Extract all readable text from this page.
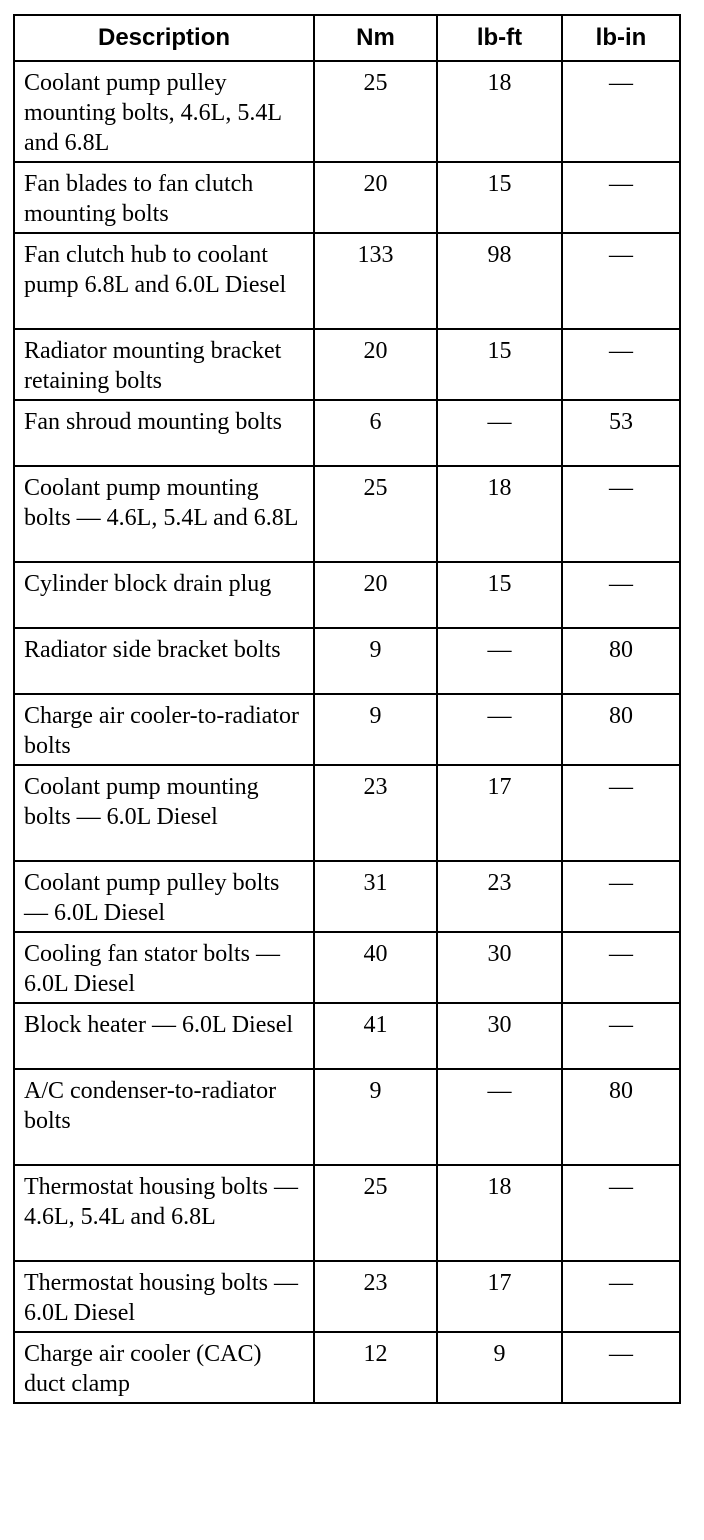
Description	Nm	lb-ft	lb-in
Coolant pump pulley mounting bolts, 4.6L, 5.4L and 6.8L	25	18	—
Fan blades to fan clutch mounting bolts	20	15	—
Fan clutch hub to coolant pump 6.8L and 6.0L Diesel	133	98	—
Radiator mounting bracket retaining bolts	20	15	—
Fan shroud mounting bolts	6	—	53
Coolant pump mounting bolts — 4.6L, 5.4L and 6.8L	25	18	—
Cylinder block drain plug	20	15	—
Radiator side bracket bolts	9	—	80
Charge air cooler-to-radiator bolts	9	—	80
Coolant pump mounting bolts — 6.0L Diesel	23	17	—
Coolant pump pulley bolts — 6.0L Diesel	31	23	—
Cooling fan stator bolts — 6.0L Diesel	40	30	—
Block heater — 6.0L Diesel	41	30	—
A/C condenser-to-radiator bolts	9	—	80
Thermostat housing bolts — 4.6L, 5.4L and 6.8L	25	18	—
Thermostat housing bolts — 6.0L Diesel	23	17	—
Charge air cooler (CAC) duct clamp	12	9	—
